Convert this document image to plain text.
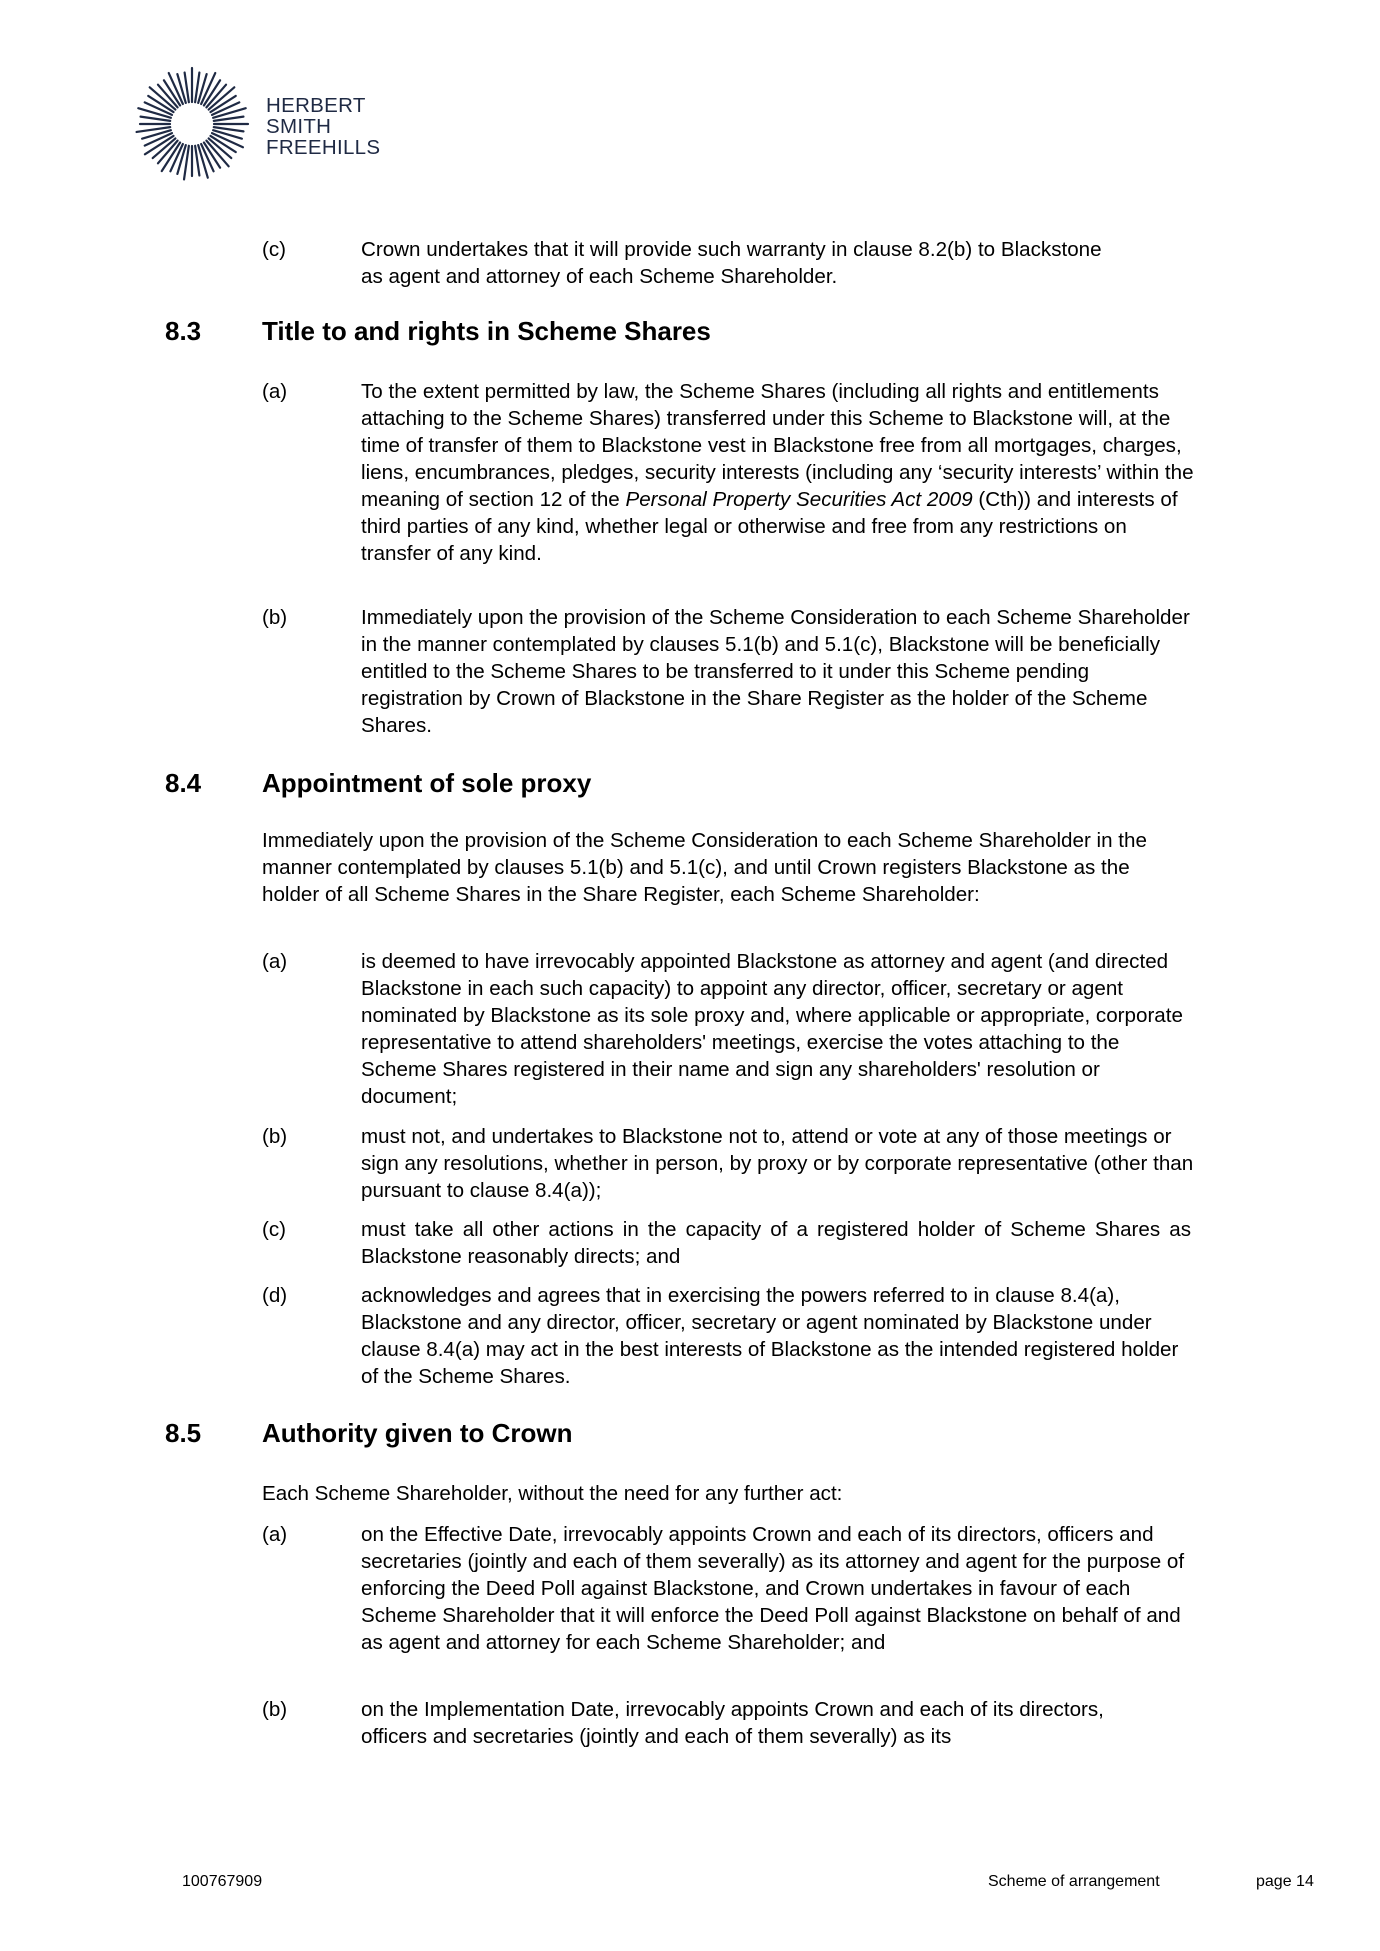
HERBERT
SMITH
FREEHILLS
(c)	Crown undertakes that it will provide such warranty in clause 8.2(b) to Blackstone as agent and attorney of each Scheme Shareholder.
8.3 Title to and rights in Scheme Shares
(a)	To the extent permitted by law, the Scheme Shares (including all rights and entitlements attaching to the Scheme Shares) transferred under this Scheme to Blackstone will, at the time of transfer of them to Blackstone vest in Blackstone free from all mortgages, charges, liens, encumbrances, pledges, security interests (including any ‘security interests’ within the meaning of section 12 of the Personal Property Securities Act 2009 (Cth)) and interests of third parties of any kind, whether legal or otherwise and free from any restrictions on transfer of any kind.
(b)	Immediately upon the provision of the Scheme Consideration to each Scheme Shareholder in the manner contemplated by clauses 5.1(b) and 5.1(c), Blackstone will be beneficially entitled to the Scheme Shares to be transferred to it under this Scheme pending registration by Crown of Blackstone in the Share Register as the holder of the Scheme Shares.
8.4 Appointment of sole proxy
Immediately upon the provision of the Scheme Consideration to each Scheme Shareholder in the manner contemplated by clauses 5.1(b) and 5.1(c), and until Crown registers Blackstone as the holder of all Scheme Shares in the Share Register, each Scheme Shareholder:
(a)	is deemed to have irrevocably appointed Blackstone as attorney and agent (and directed Blackstone in each such capacity) to appoint any director, officer, secretary or agent nominated by Blackstone as its sole proxy and, where applicable or appropriate, corporate representative to attend shareholders' meetings, exercise the votes attaching to the Scheme Shares registered in their name and sign any shareholders' resolution or document;
(b)	must not, and undertakes to Blackstone not to, attend or vote at any of those meetings or sign any resolutions, whether in person, by proxy or by corporate representative (other than pursuant to clause 8.4(a));
(c)	must take all other actions in the capacity of a registered holder of Scheme Shares as Blackstone reasonably directs; and
(d)	acknowledges and agrees that in exercising the powers referred to in clause 8.4(a), Blackstone and any director, officer, secretary or agent nominated by Blackstone under clause 8.4(a) may act in the best interests of Blackstone as the intended registered holder of the Scheme Shares.
8.5 Authority given to Crown
Each Scheme Shareholder, without the need for any further act:
(a)	on the Effective Date, irrevocably appoints Crown and each of its directors, officers and secretaries (jointly and each of them severally) as its attorney and agent for the purpose of enforcing the Deed Poll against Blackstone, and Crown undertakes in favour of each Scheme Shareholder that it will enforce the Deed Poll against Blackstone on behalf of and as agent and attorney for each Scheme Shareholder; and
(b)	on the Implementation Date, irrevocably appoints Crown and each of its directors, officers and secretaries (jointly and each of them severally) as its
100767909	Scheme of arrangement	page 14
